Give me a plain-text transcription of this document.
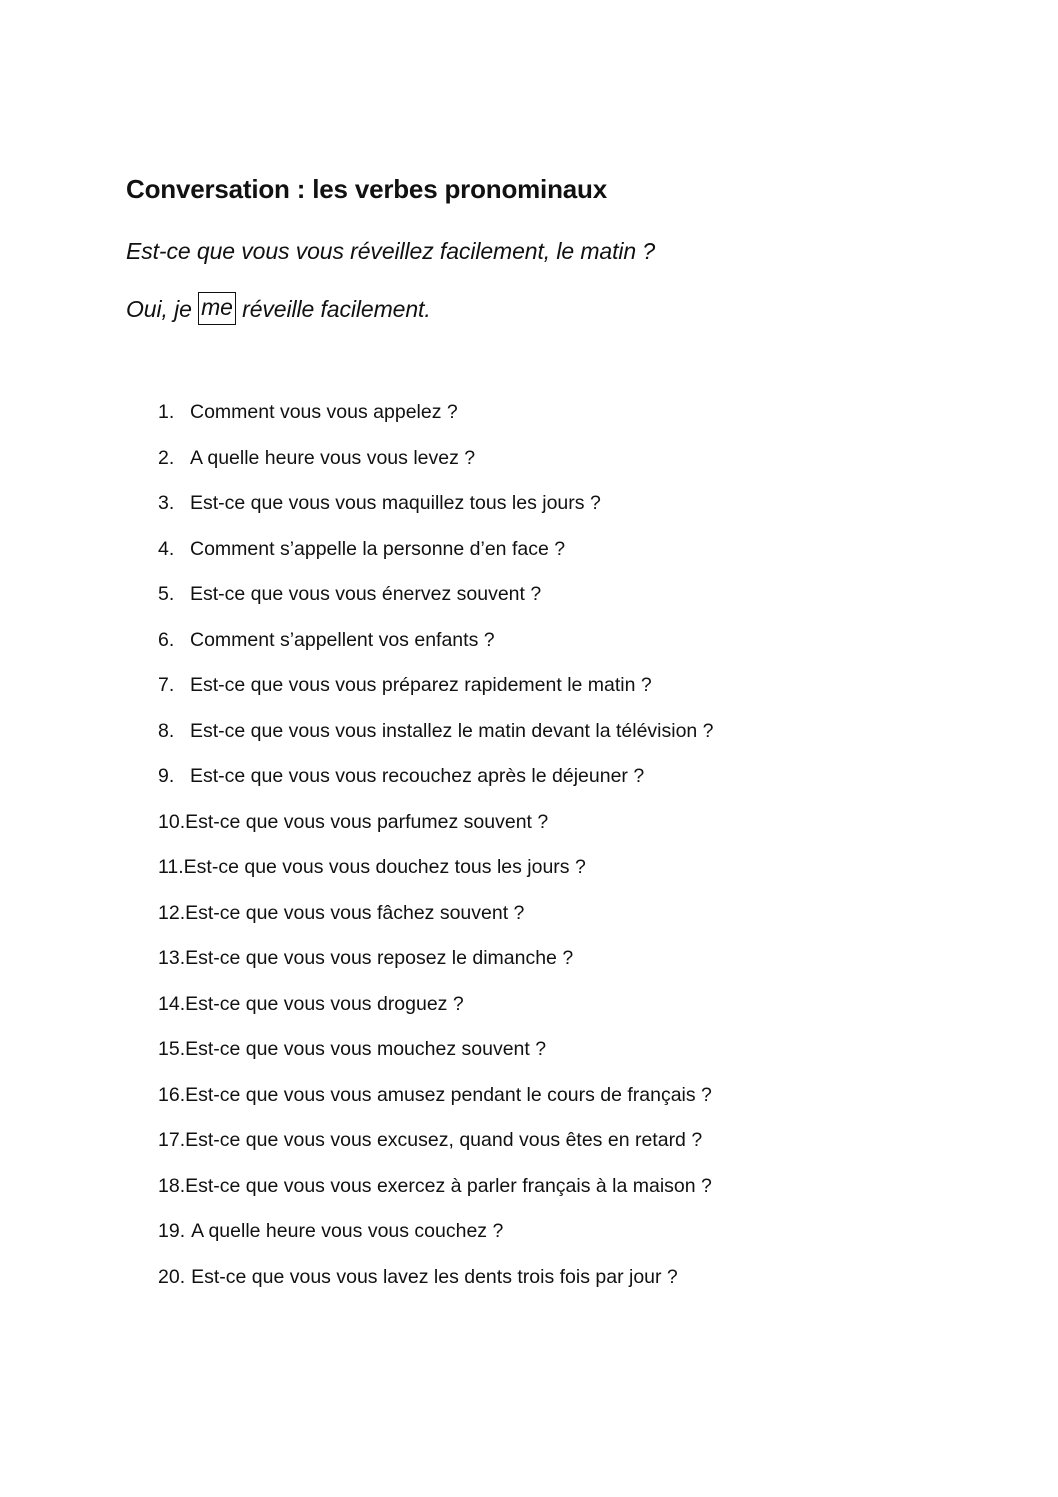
Conversation : les verbes pronominaux

Est-ce que vous vous réveillez facilement, le matin ?

Oui, je me réveille facilement.

1. Comment vous vous appelez ?
2. A quelle heure vous vous levez ?
3. Est-ce que vous vous maquillez tous les jours ?
4. Comment s’appelle la personne d’en face ?
5. Est-ce que vous vous énervez souvent ?
6. Comment s’appellent vos enfants ?
7. Est-ce que vous vous préparez rapidement le matin ?
8. Est-ce que vous vous installez le matin devant la télévision ?
9. Est-ce que vous vous recouchez après le déjeuner ?
10. Est-ce que vous vous parfumez souvent ?
11. Est-ce que vous vous douchez tous les jours ?
12. Est-ce que vous vous fâchez souvent ?
13. Est-ce que vous vous reposez le dimanche ?
14. Est-ce que vous vous droguez ?
15. Est-ce que vous vous mouchez souvent ?
16. Est-ce que vous vous amusez pendant le cours de français ?
17. Est-ce que vous vous excusez, quand vous êtes en retard ?
18. Est-ce que vous vous exercez à parler français à la maison ?
19. A quelle heure vous vous couchez ?
20. Est-ce que vous vous lavez les dents trois fois par jour ?
